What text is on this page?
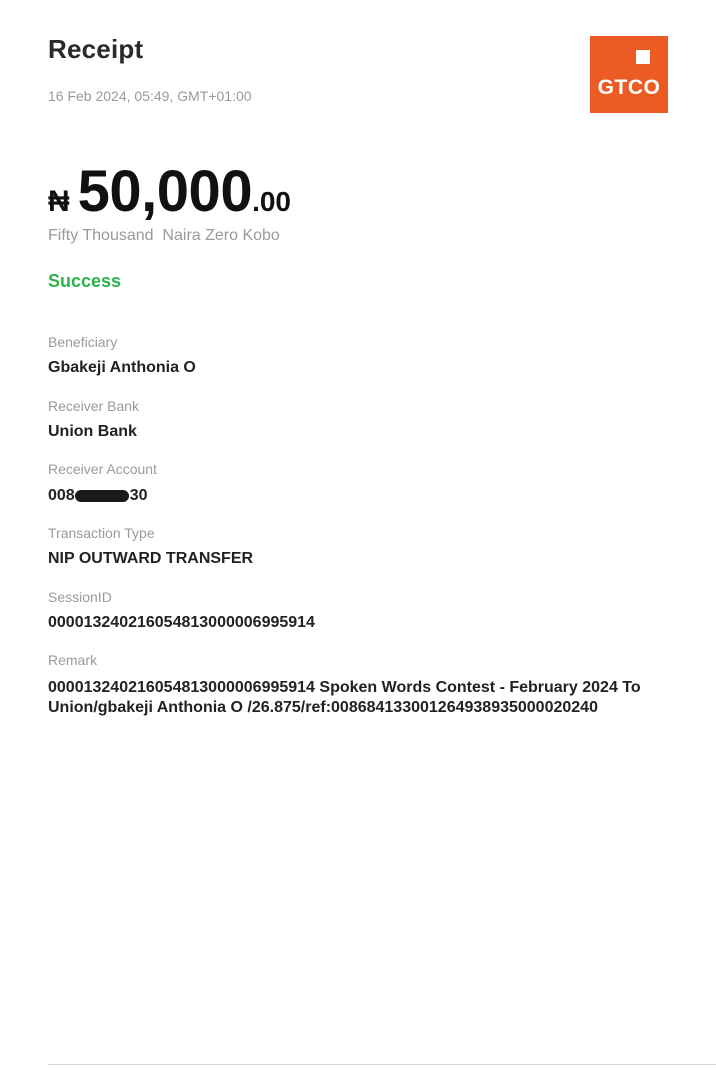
Receipt
16 Feb 2024, 05:49, GMT+01:00	GTCO
₦ 50,000 .00
Fifty Thousand  Naira Zero Kobo
Success
Beneficiary
Gbakeji Anthonia O
Receiver Bank
Union Bank
Receiver Account
008	30
Transaction Type
NIP OUTWARD TRANSFER
SessionID
000013240216054813000006995914
Remark
000013240216054813000006995914 Spoken Words Contest - February 2024 To Union/gbakeji Anthonia O /26.875/ref:008684133001264938935000020240
